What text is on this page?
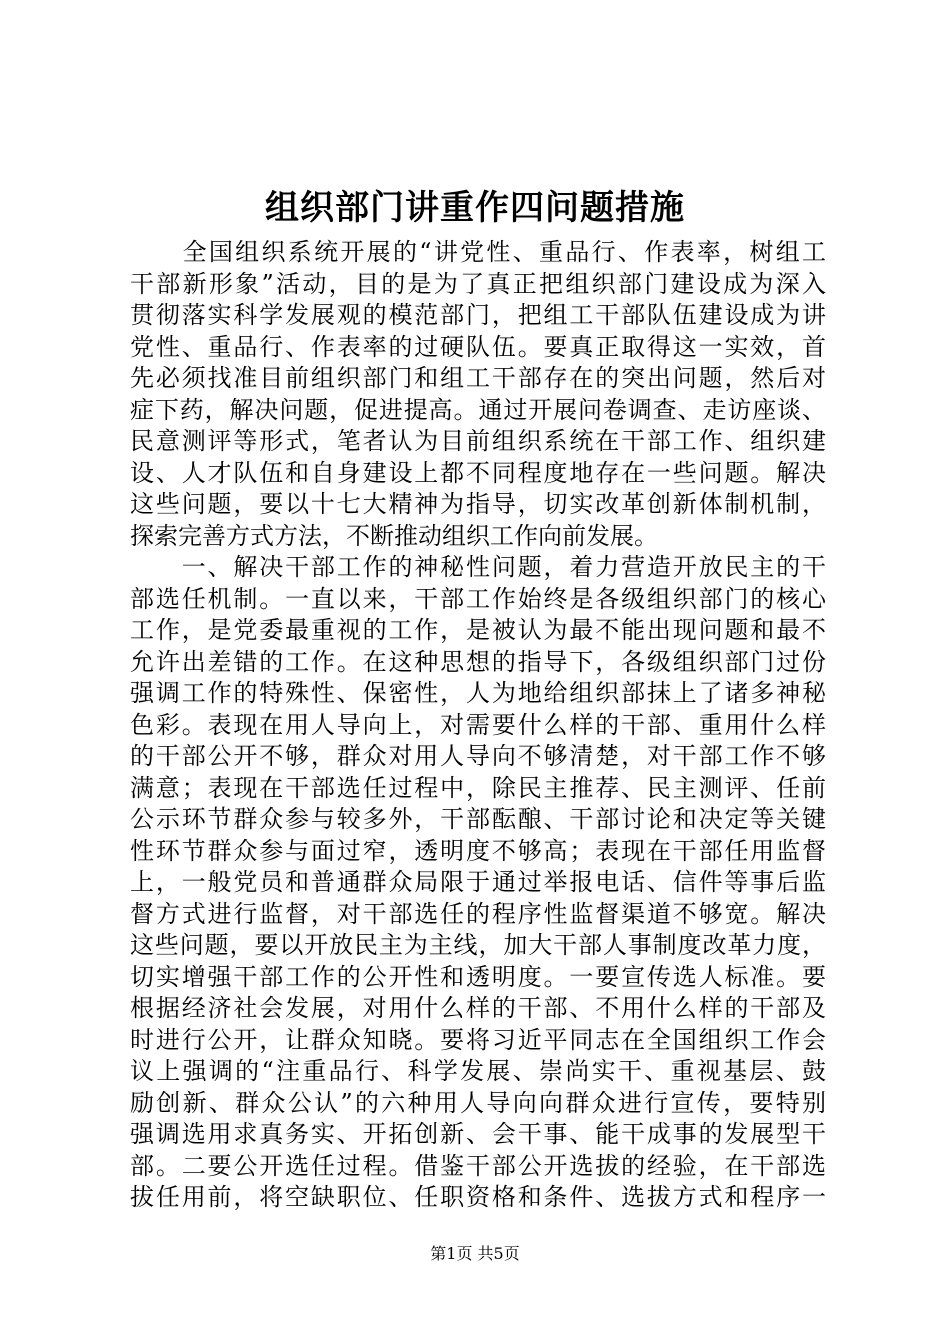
组织部门讲重作四问题措施
　　全国组织系统开展的“讲党性、重品行、作表率，树组工
干部新形象”活动，目的是为了真正把组织部门建设成为深入
贯彻落实科学发展观的模范部门，把组工干部队伍建设成为讲
党性、重品行、作表率的过硬队伍。要真正取得这一实效，首
先必须找准目前组织部门和组工干部存在的突出问题，然后对
症下药，解决问题，促进提高。通过开展问卷调查、走访座谈、
民意测评等形式，笔者认为目前组织系统在干部工作、组织建
设、人才队伍和自身建设上都不同程度地存在一些问题。解决
这些问题，要以十七大精神为指导，切实改革创新体制机制，
探索完善方式方法，不断推动组织工作向前发展。
　　一、解决干部工作的神秘性问题，着力营造开放民主的干
部选任机制。一直以来，干部工作始终是各级组织部门的核心
工作，是党委最重视的工作，是被认为最不能出现问题和最不
允许出差错的工作。在这种思想的指导下，各级组织部门过份
强调工作的特殊性、保密性，人为地给组织部抹上了诸多神秘
色彩。表现在用人导向上，对需要什么样的干部、重用什么样
的干部公开不够，群众对用人导向不够清楚，对干部工作不够
满意；表现在干部选任过程中，除民主推荐、民主测评、任前
公示环节群众参与较多外，干部酝酿、干部讨论和决定等关键
性环节群众参与面过窄，透明度不够高；表现在干部任用监督
上，一般党员和普通群众局限于通过举报电话、信件等事后监
督方式进行监督，对干部选任的程序性监督渠道不够宽。解决
这些问题，要以开放民主为主线，加大干部人事制度改革力度，
切实增强干部工作的公开性和透明度。一要宣传选人标准。要
根据经济社会发展，对用什么样的干部、不用什么样的干部及
时进行公开，让群众知晓。要将习近平同志在全国组织工作会
议上强调的“注重品行、科学发展、崇尚实干、重视基层、鼓
励创新、群众公认”的六种用人导向向群众进行宣传，要特别
强调选用求真务实、开拓创新、会干事、能干成事的发展型干
部。二要公开选任过程。借鉴干部公开选拔的经验，在干部选
拔任用前，将空缺职位、任职资格和条件、选拔方式和程序一
第1页 共5页
